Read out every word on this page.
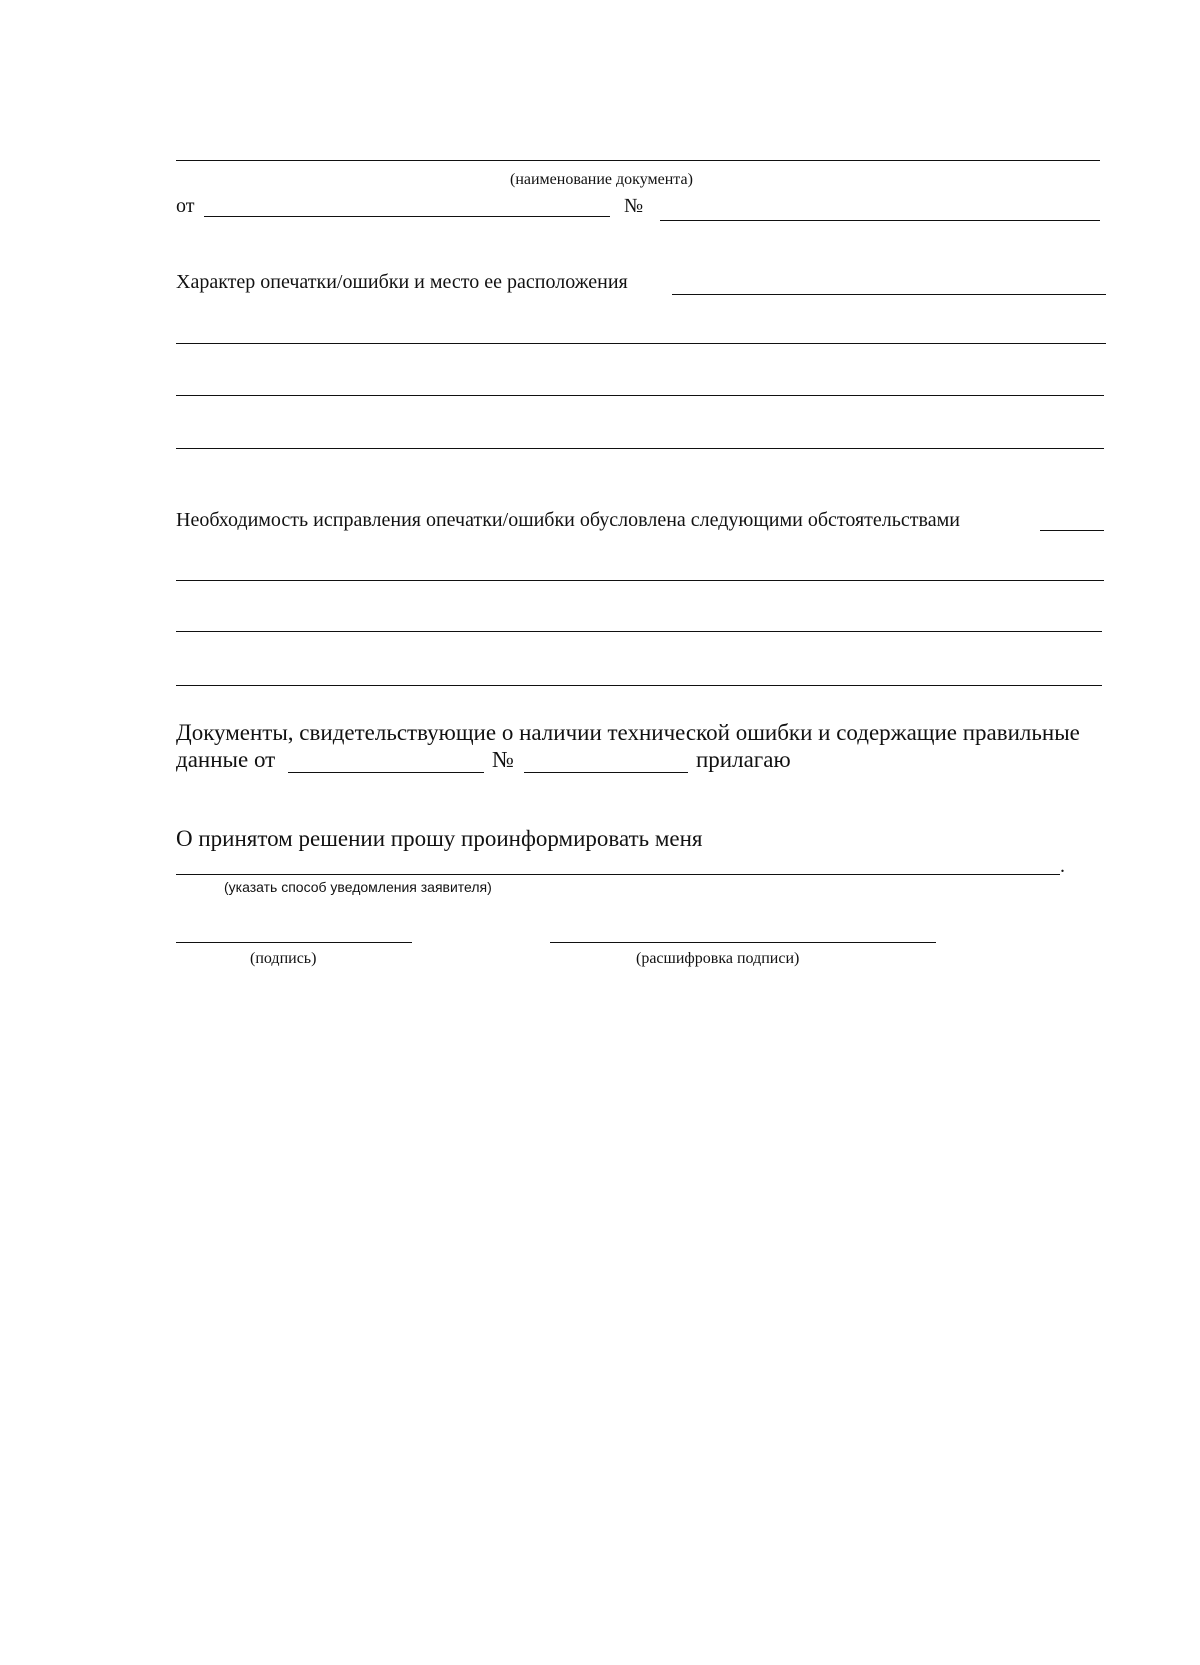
(наименование документа)
от	№
Характер опечатки/ошибки и место ее расположения
Необходимость исправления опечатки/ошибки обусловлена следующими обстоятельствами
Документы, свидетельствующие о наличии технической ошибки и содержащие правильные
данные от	№	прилагаю
О принятом решении прошу проинформировать меня
.
(указать способ уведомления заявителя)
(подпись)	(расшифровка подписи)
